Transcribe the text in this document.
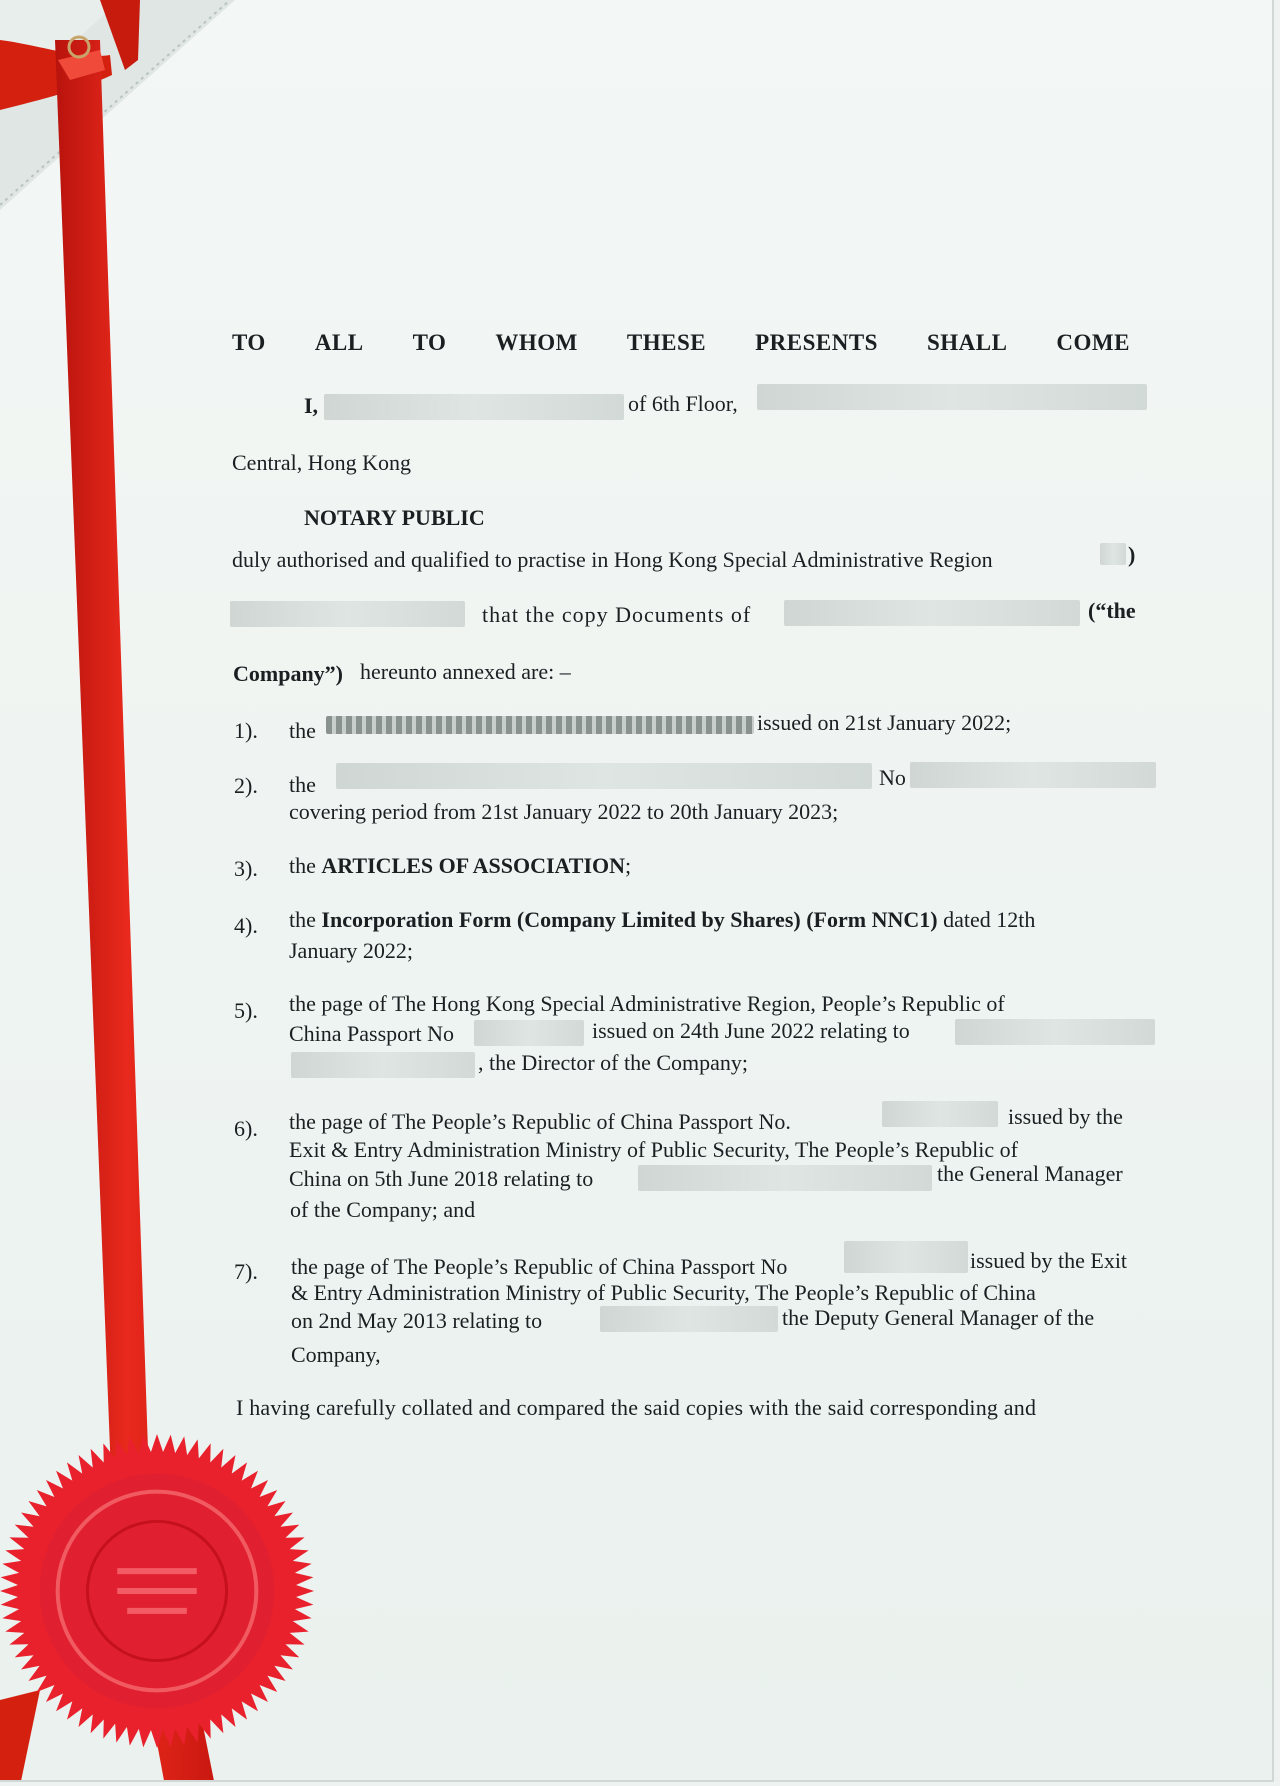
TO ALL TO WHOM THESE PRESENTS SHALL COME
I,	of 6th Floor,
Central, Hong Kong
NOTARY PUBLIC
duly authorised and qualified to practise in Hong Kong Special Administrative Region	)
that the copy Documents of	(“the
Company”) hereunto annexed are: –
1). the	issued on 21st January 2022;
2). the	No
covering period from 21st January 2022 to 20th January 2023;
3). the ARTICLES OF ASSOCIATION;
4). the Incorporation Form (Company Limited by Shares) (Form NNC1) dated 12th
January 2022;
5). the page of The Hong Kong Special Administrative Region, People’s Republic of
China Passport No	issued on 24th June 2022 relating to
, the Director of the Company;
6). the page of The People’s Republic of China Passport No.	issued by the
Exit & Entry Administration Ministry of Public Security, The People’s Republic of
China on 5th June 2018 relating to	the General Manager
of the Company; and
7). the page of The People’s Republic of China Passport No	issued by the Exit
& Entry Administration Ministry of Public Security, The People’s Republic of China
on 2nd May 2013 relating to	the Deputy General Manager of the
Company,
I having carefully collated and compared the said copies with the said corresponding and
